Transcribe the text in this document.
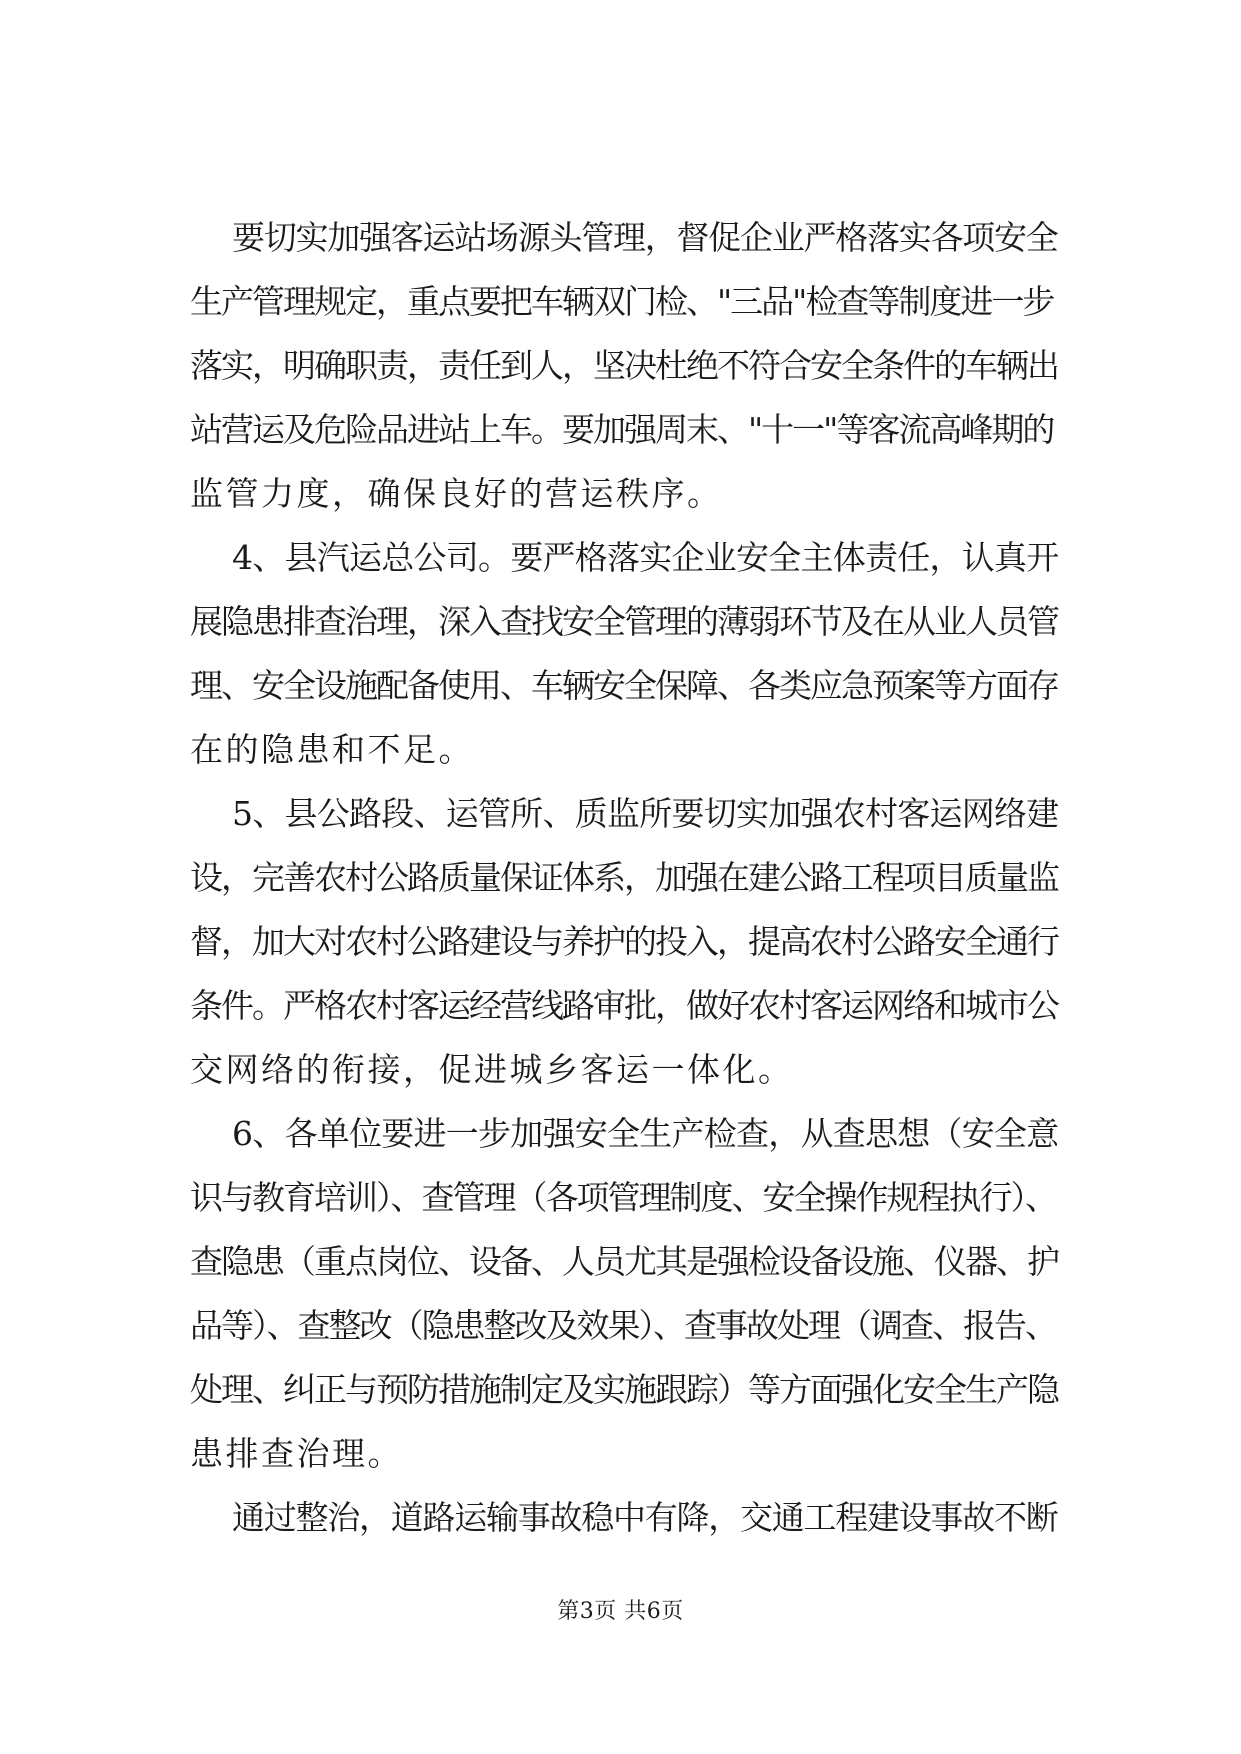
要切实加强客运站场源头管理，督促企业严格落实各项安全
生产管理规定，重点要把车辆双门检、"三品"检查等制度进一步
落实，明确职责，责任到人，坚决杜绝不符合安全条件的车辆出
站营运及危险品进站上车。要加强周末、"十一"等客流高峰期的
监管力度，确保良好的营运秩序。
4、县汽运总公司。要严格落实企业安全主体责任，认真开
展隐患排查治理，深入查找安全管理的薄弱环节及在从业人员管
理、安全设施配备使用、车辆安全保障、各类应急预案等方面存
在的隐患和不足。
5、县公路段、运管所、质监所要切实加强农村客运网络建
设，完善农村公路质量保证体系，加强在建公路工程项目质量监
督，加大对农村公路建设与养护的投入，提高农村公路安全通行
条件。严格农村客运经营线路审批，做好农村客运网络和城市公
交网络的衔接，促进城乡客运一体化。
6、各单位要进一步加强安全生产检查，从查思想（安全意
识与教育培训）、查管理（各项管理制度、安全操作规程执行）、
查隐患（重点岗位、设备、人员尤其是强检设备设施、仪器、护
品等）、查整改（隐患整改及效果）、查事故处理（调查、报告、
处理、纠正与预防措施制定及实施跟踪）等方面强化安全生产隐
患排查治理。
通过整治，道路运输事故稳中有降，交通工程建设事故不断
第3页 共6页
